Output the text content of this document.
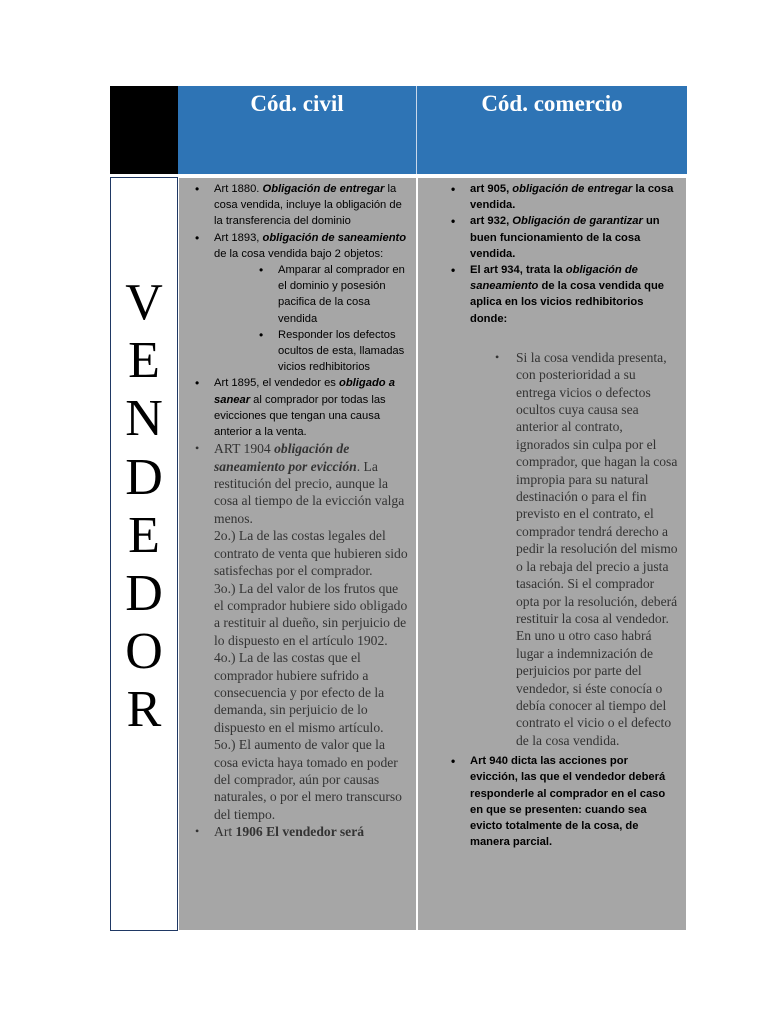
Cód. civil	Cód. comercio
V
E
N
D
E
D
O
R
• Art 1880. Obligación de entregar la cosa vendida, incluye la obligación de la transferencia del dominio
• Art 1893, obligación de saneamiento de la cosa vendida bajo 2 objetos:
• Amparar al comprador en el dominio y posesión pacifica de la cosa vendida
• Responder los defectos ocultos de esta, llamadas vicios redhibitorios
• Art 1895, el vendedor es obligado a sanear al comprador por todas las evicciones que tengan una causa anterior a la venta.
• ART 1904 obligación de saneamiento por evicción. La restitución del precio, aunque la cosa al tiempo de la evicción valga menos.
2o.) La de las costas legales del contrato de venta que hubieren sido satisfechas por el comprador.
3o.) La del valor de los frutos que el comprador hubiere sido obligado a restituir al dueño, sin perjuicio de lo dispuesto en el artículo 1902.
4o.) La de las costas que el comprador hubiere sufrido a consecuencia y por efecto de la demanda, sin perjuicio de lo dispuesto en el mismo artículo.
5o.) El aumento de valor que la cosa evicta haya tomado en poder del comprador, aún por causas naturales, o por el mero transcurso del tiempo.
• Art 1906 El vendedor será
• art 905, obligación de entregar la cosa vendida.
• art 932, Obligación de garantizar un buen funcionamiento de la cosa vendida.
• El art 934, trata la obligación de saneamiento de la cosa vendida que aplica en los vicios redhibitorios donde:
• Si la cosa vendida presenta, con posterioridad a su entrega vicios o defectos ocultos cuya causa sea anterior al contrato, ignorados sin culpa por el comprador, que hagan la cosa impropia para su natural destinación o para el fin previsto en el contrato, el comprador tendrá derecho a pedir la resolución del mismo o la rebaja del precio a justa tasación. Si el comprador opta por la resolución, deberá restituir la cosa al vendedor.
En uno u otro caso habrá lugar a indemnización de perjuicios por parte del vendedor, si éste conocía o debía conocer al tiempo del contrato el vicio o el defecto de la cosa vendida.
• Art 940 dicta las acciones por evicción, las que el vendedor deberá responderle al comprador en el caso en que se presenten: cuando sea evicto totalmente de la cosa, de manera parcial.
